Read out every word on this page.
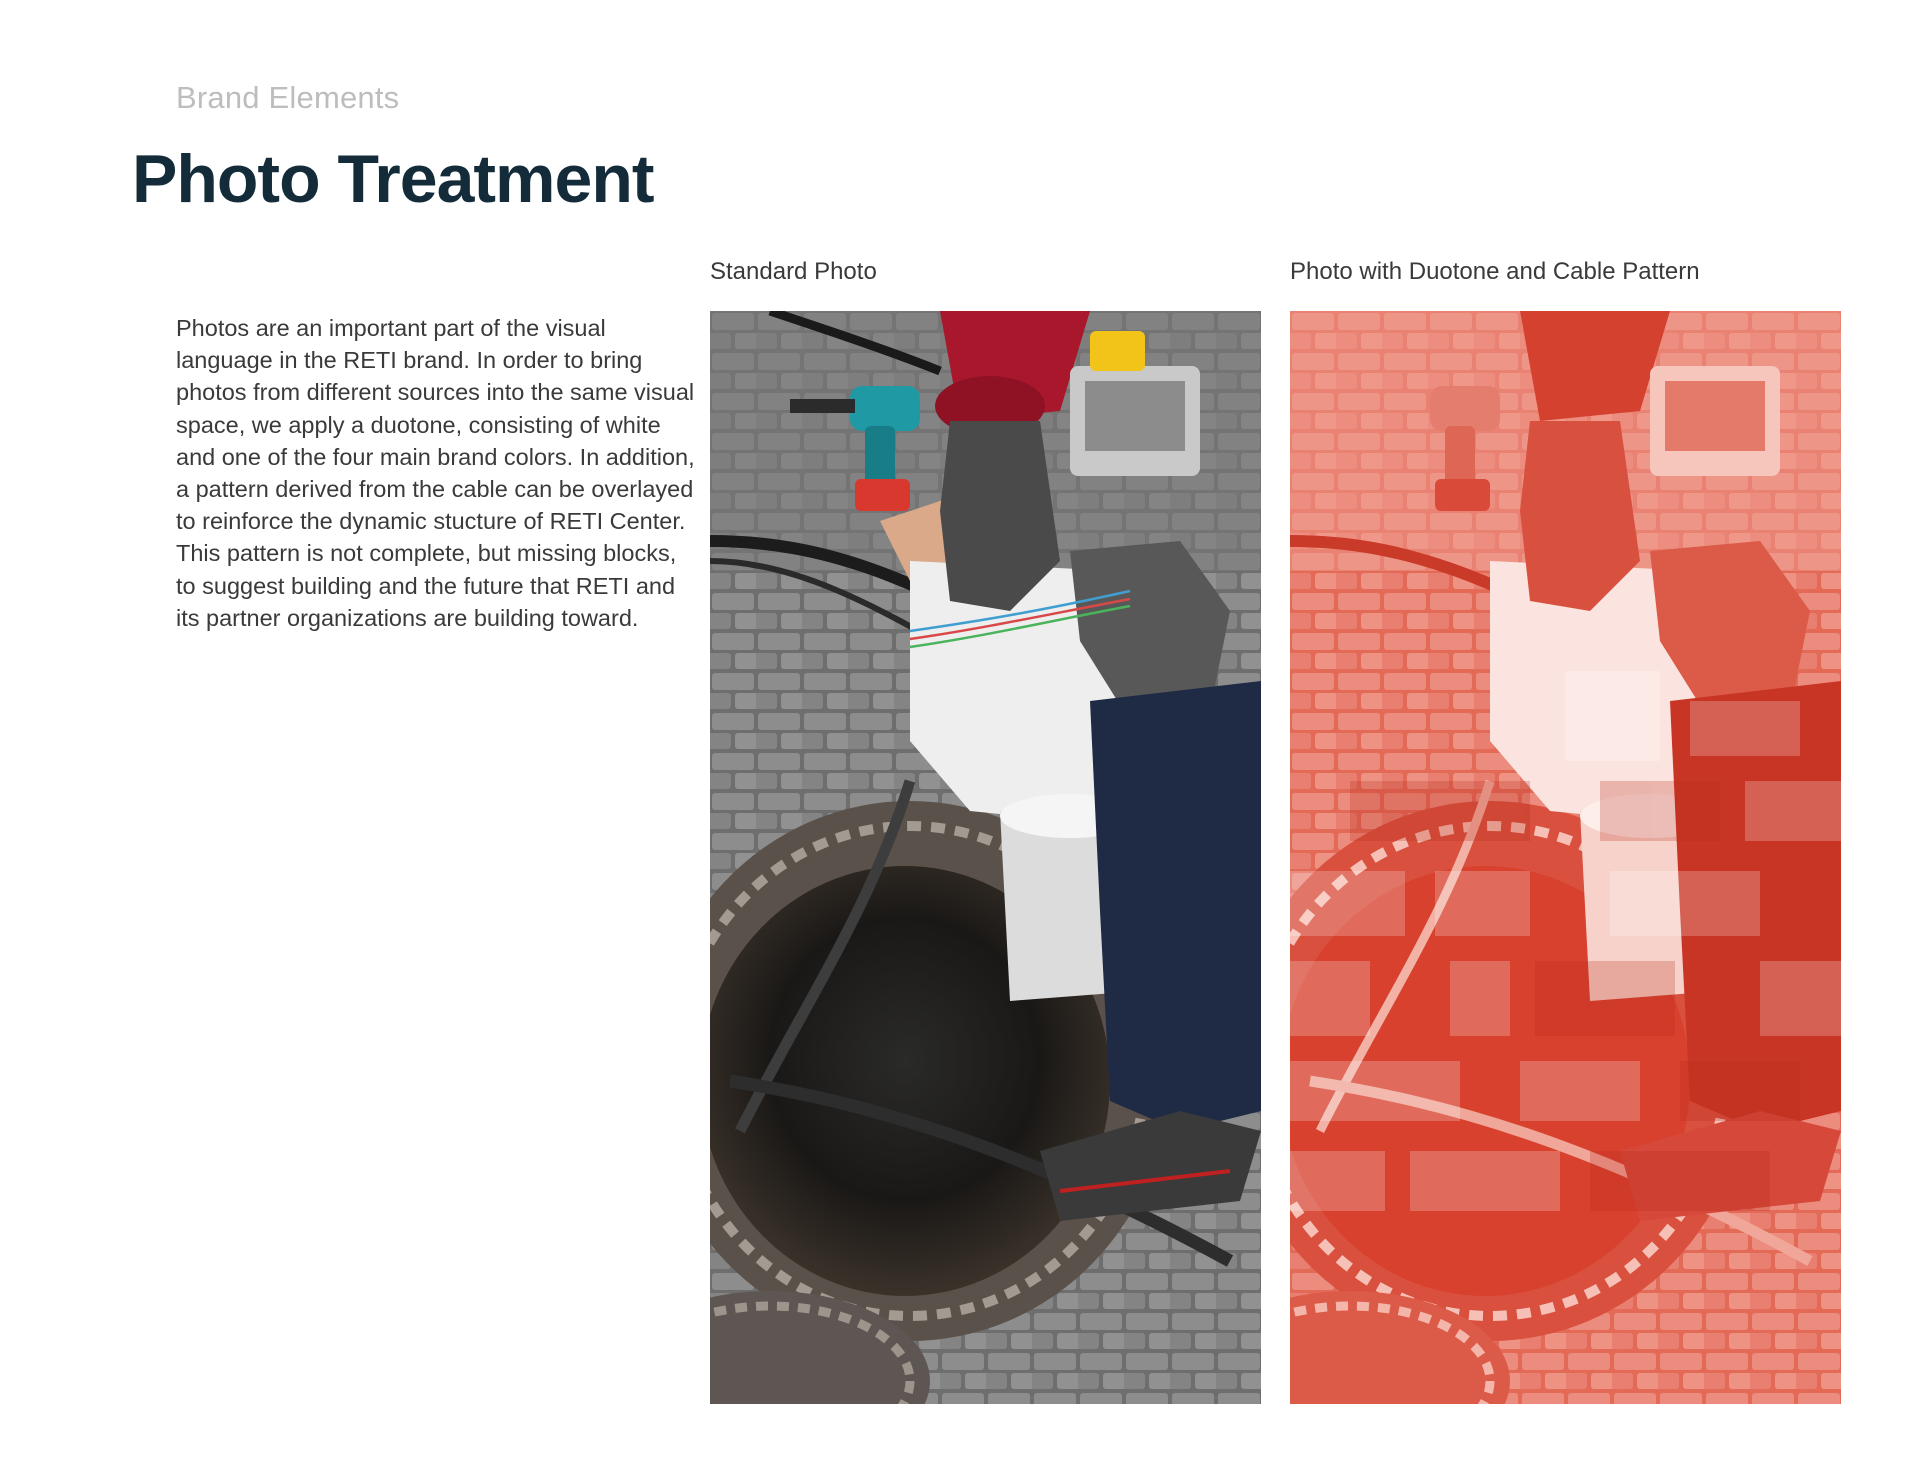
Brand Elements
Photo Treatment

Photos are an important part of the visual language in the RETI brand. In order to bring photos from different sources into the same visual space, we apply a duotone, consisting of white and one of the four main brand colors. In addition, a pattern derived from the cable can be overlayed to reinforce the dynamic stucture of RETI Center. This pattern is not complete, but missing blocks, to suggest building and the future that RETI and its partner organizations are building toward.

Standard Photo	Photo with Duotone and Cable Pattern
